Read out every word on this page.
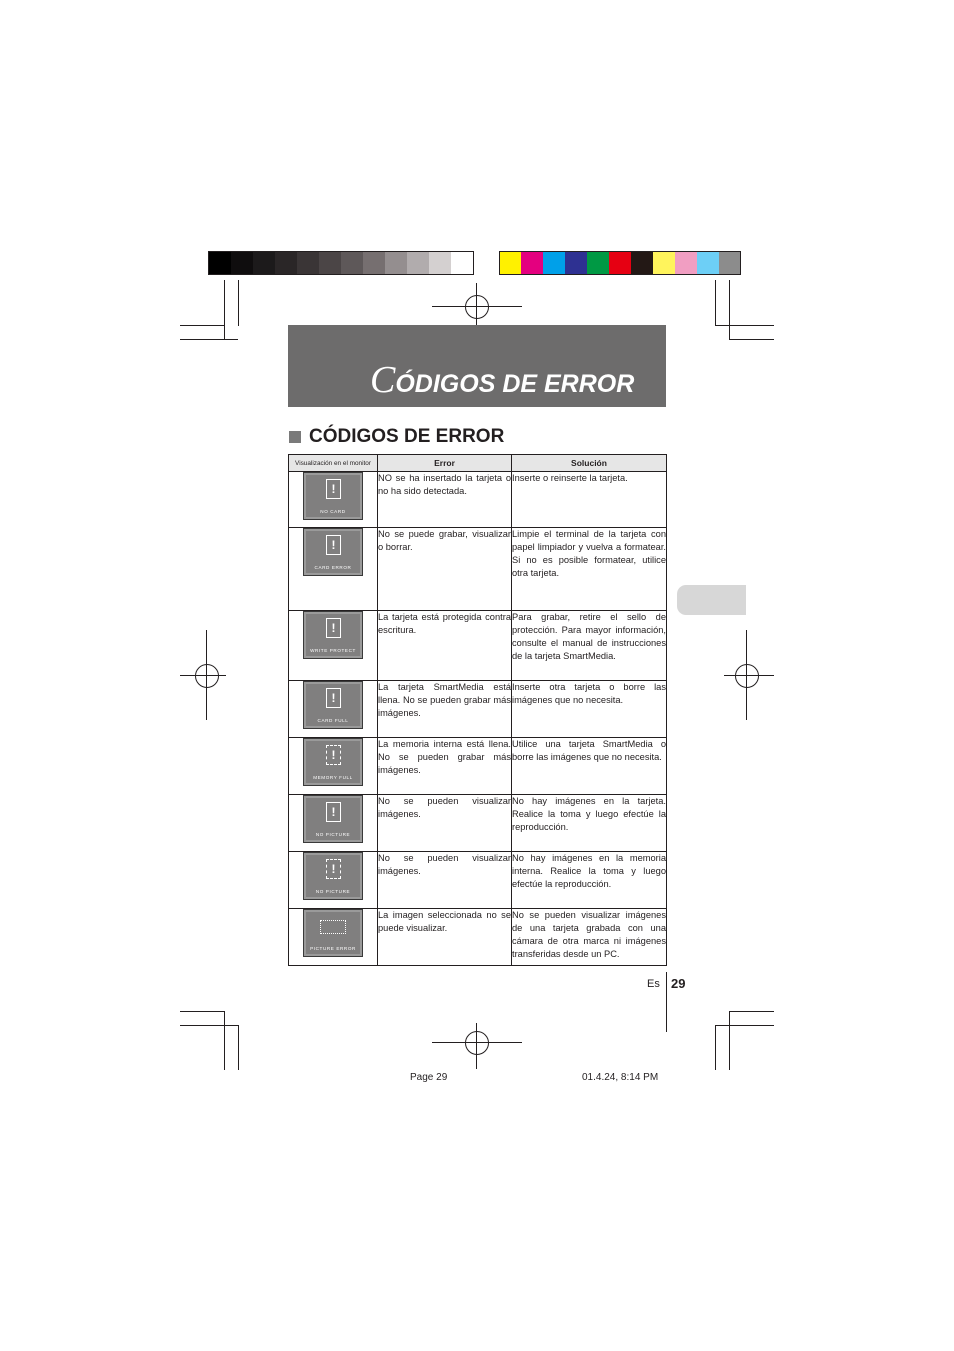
CÓDIGOS DE ERROR
CÓDIGOS DE ERROR
Visualización en el monitor	Error	Solución

!
NO CARD	NO se ha insertado la tarjeta o no ha sido detectada.	Inserte o reinserte la tarjeta.

!
CARD ERROR	No se puede grabar, visualizar o borrar.	Limpie el terminal de la tarjeta con papel limpiador y vuelva a formatear. Si no es posible formatear, utilice otra tarjeta.

!
WRITE PROTECT	La tarjeta está protegida contra escritura.	Para grabar, retire el sello de protección. Para mayor información, consulte el manual de instrucciones de la tarjeta SmartMedia.

!
CARD FULL	La tarjeta SmartMedia está llena. No se pueden grabar más imágenes.	Inserte otra tarjeta o borre las imágenes que no necesita.

!
MEMORY FULL	La memoria interna está llena. No se pueden grabar más imágenes.	Utilice una tarjeta SmartMedia o borre las imágenes que no necesita.

!
NO PICTURE	No se pueden visualizar imágenes.	No hay imágenes en la tarjeta. Realice la toma y luego efectúe la reproducción.

!
NO PICTURE	No se pueden visualizar imágenes.	No hay imágenes en la memoria interna. Realice la toma y luego efectúe la reproducción.

PICTURE ERROR	La imagen seleccionada no se puede visualizar.	No se pueden visualizar imágenes de una tarjeta grabada con una cámara de otra marca ni imágenes transferidas desde un PC.
Es 29
Page 29	01.4.24, 8:14 PM
